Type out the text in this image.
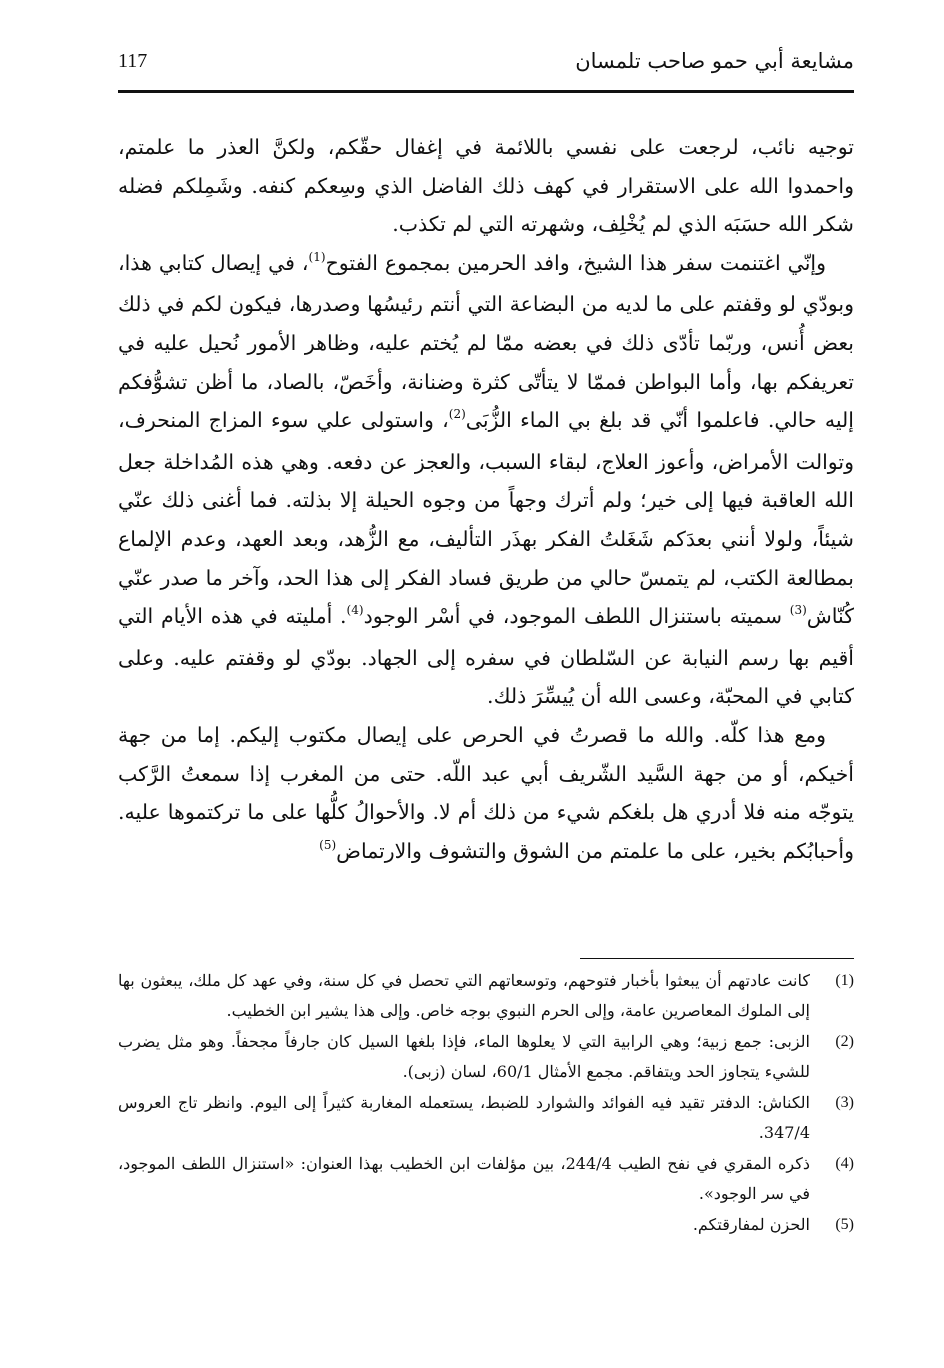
117	مشايعة أبي حمو صاحب تلمسان

توجيه نائب، لرجعت على نفسي باللائمة في إغفال حقّكم، ولكنَّ العذر ما علمتم، واحمدوا الله على الاستقرار في كهف ذلك الفاضل الذي وسِعكم كنفه. وشَمِلكم فضله شكر الله حسَبَه الذي لم يُخْلِف، وشهرته التي لم تكذب.

وإنّي اغتنمت سفر هذا الشيخ، وافد الحرمين بمجموع الفتوح$^{(1)}$، في إيصال كتابي هذا، وبودّي لو وقفتم على ما لديه من البضاعة التي أنتم رئيسُها وصدرها، فيكون لكم في ذلك بعض أُنس، وربّما تأدّى ذلك في بعضه ممّا لم يُختم عليه، وظاهر الأمور نُحيل عليه في تعريفكم بها، وأما البواطن فممّا لا يتأتّى كثرة وضنانة، وأخَصّ، بالصاد، ما أظن تشوُّفكم إليه حالي. فاعلموا أنّي قد بلغ بي الماء الزُّبَى$^{(2)}$، واستولى علي سوء المزاج المنحرف، وتوالت الأمراض، وأعوز العلاج، لبقاء السبب، والعجز عن دفعه. وهي هذه المُداخلة جعل الله العاقبة فيها إلى خير؛ ولم أترك وجهاً من وجوه الحيلة إلا بذلته. فما أغنى ذلك عنّي شيئاً، ولولا أنني بعدَكم شَغَلتُ الفكر بهذَر التأليف، مع الزُّهد، وبعد العهد، وعدم الإلماع بمطالعة الكتب، لم يتمسّ حالي من طريق فساد الفكر إلى هذا الحد، وآخر ما صدر عنّي كُنّاش$^{(3)}$ سميته باستنزال اللطف الموجود، في أسْر الوجود$^{(4)}$. أمليته في هذه الأيام التي أقيم بها رسم النيابة عن السّلطان في سفره إلى الجهاد. بودّي لو وقفتم عليه. وعلى كتابي في المحبّة، وعسى الله أن يُيسِّرَ ذلك.

ومع هذا كلّه. والله ما قصرتُ في الحرص على إيصال مكتوب إليكم. إما من جهة أخيكم، أو من جهة السَّيد الشّريف أبي عبد اللّه. حتى من المغرب إذا سمعتُ الرَّكب يتوجّه منه فلا أدري هل بلغكم شيء من ذلك أم لا. والأحوالُ كلُّها على ما تركتموها عليه. وأحبابُكم بخير، على ما علمتم من الشوق والتشوف والارتماض$^{(5)}$

(1)
كانت عادتهم أن يبعثوا بأخبار فتوحهم، وتوسعاتهم التي تحصل في كل سنة، وفي عهد كل ملك، يبعثون بها إلى الملوك المعاصرين عامة، وإلى الحرم النبوي بوجه خاص. وإلى هذا يشير ابن الخطيب.

(2)
الزبى: جمع زبية؛ وهي الرابية التي لا يعلوها الماء، فإذا بلغها السيل كان جارفاً مجحفاً. وهو مثل يضرب للشيء يتجاوز الحد ويتفاقم. مجمع الأمثال 60/1، لسان (زبى).

(3)
الكناش: الدفتر تقيد فيه الفوائد والشوارد للضبط، يستعمله المغاربة كثيراً إلى اليوم. وانظر تاج العروس 347/4.

(4)
ذكره المقري في نفح الطيب 244/4، بين مؤلفات ابن الخطيب بهذا العنوان: «استنزال اللطف الموجود، في سر الوجود».

(5)
الحزن لمفارقتكم.
